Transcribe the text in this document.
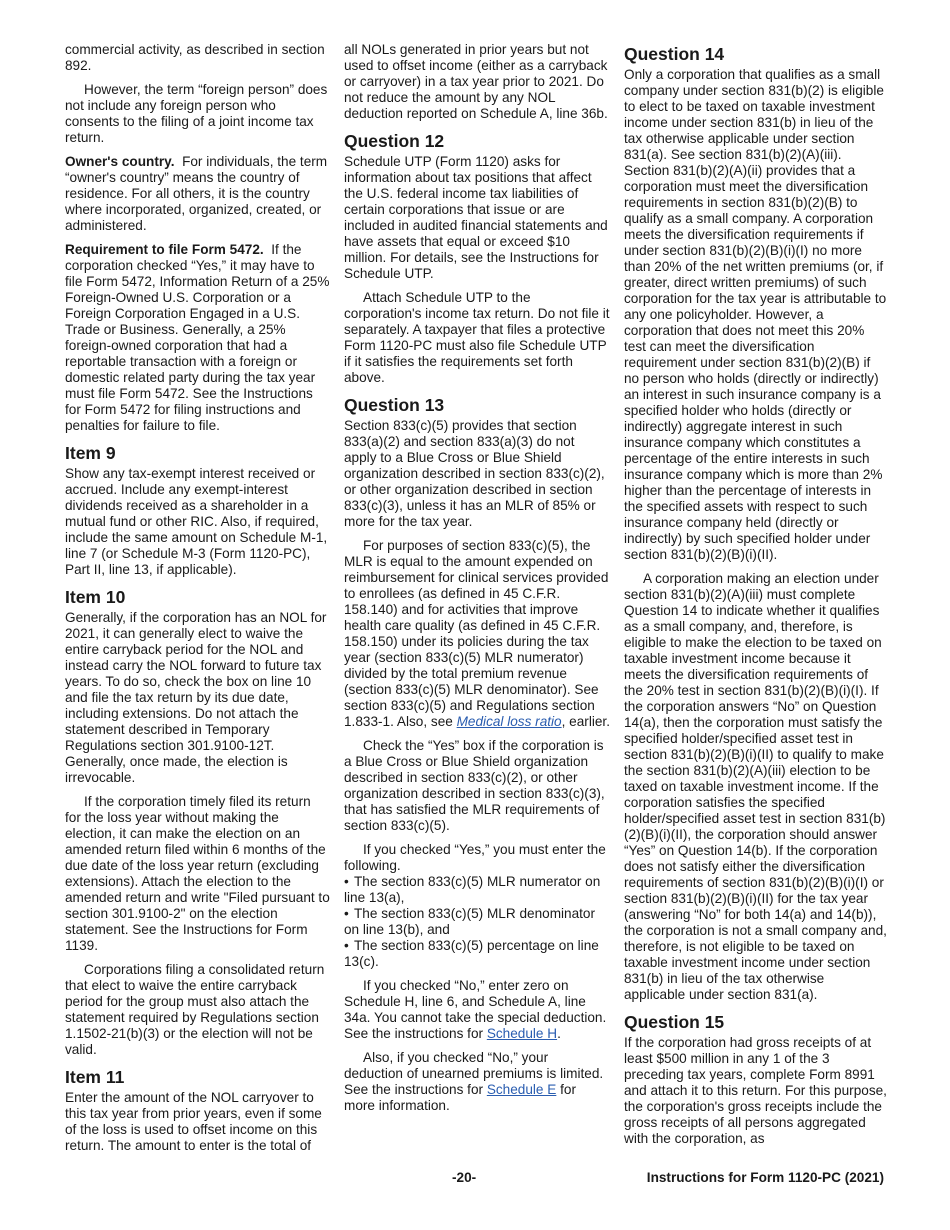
commercial activity, as described in section 892.

However, the term “foreign person” does not include any foreign person who consents to the filing of a joint income tax return.

Owner's country. For individuals, the term “owner's country” means the country of residence. For all others, it is the country where incorporated, organized, created, or administered.

Requirement to file Form 5472. If the corporation checked “Yes,” it may have to file Form 5472, Information Return of a 25% Foreign-Owned U.S. Corporation or a Foreign Corporation Engaged in a U.S. Trade or Business. Generally, a 25% foreign-owned corporation that had a reportable transaction with a foreign or domestic related party during the tax year must file Form 5472. See the Instructions for Form 5472 for filing instructions and penalties for failure to file.

Item 9

Show any tax-exempt interest received or accrued. Include any exempt-interest dividends received as a shareholder in a mutual fund or other RIC. Also, if required, include the same amount on Schedule M-1, line 7 (or Schedule M-3 (Form 1120-PC), Part II, line 13, if applicable).

Item 10

Generally, if the corporation has an NOL for 2021, it can generally elect to waive the entire carryback period for the NOL and instead carry the NOL forward to future tax years. To do so, check the box on line 10 and file the tax return by its due date, including extensions. Do not attach the statement described in Temporary Regulations section 301.9100-12T. Generally, once made, the election is irrevocable.

If the corporation timely filed its return for the loss year without making the election, it can make the election on an amended return filed within 6 months of the due date of the loss year return (excluding extensions). Attach the election to the amended return and write "Filed pursuant to section 301.9100-2" on the election statement. See the Instructions for Form 1139.

Corporations filing a consolidated return that elect to waive the entire carryback period for the group must also attach the statement required by Regulations section 1.1502-21(b)(3) or the election will not be valid.

Item 11

Enter the amount of the NOL carryover to this tax year from prior years, even if some of the loss is used to offset income on this return. The amount to enter is the total of

all NOLs generated in prior years but not used to offset income (either as a carryback or carryover) in a tax year prior to 2021. Do not reduce the amount by any NOL deduction reported on Schedule A, line 36b.

Question 12

Schedule UTP (Form 1120) asks for information about tax positions that affect the U.S. federal income tax liabilities of certain corporations that issue or are included in audited financial statements and have assets that equal or exceed $10 million. For details, see the Instructions for Schedule UTP.

Attach Schedule UTP to the corporation's income tax return. Do not file it separately. A taxpayer that files a protective Form 1120-PC must also file Schedule UTP if it satisfies the requirements set forth above.

Question 13

Section 833(c)(5) provides that section 833(a)(2) and section 833(a)(3) do not apply to a Blue Cross or Blue Shield organization described in section 833(c)(2), or other organization described in section 833(c)(3), unless it has an MLR of 85% or more for the tax year.

For purposes of section 833(c)(5), the MLR is equal to the amount expended on reimbursement for clinical services provided to enrollees (as defined in 45 C.F.R. 158.140) and for activities that improve health care quality (as defined in 45 C.F.R. 158.150) under its policies during the tax year (section 833(c)(5) MLR numerator) divided by the total premium revenue (section 833(c)(5) MLR denominator). See section 833(c)(5) and Regulations section 1.833-1. Also, see Medical loss ratio, earlier.

Check the “Yes” box if the corporation is a Blue Cross or Blue Shield organization described in section 833(c)(2), or other organization described in section 833(c)(3), that has satisfied the MLR requirements of section 833(c)(5).

If you checked “Yes,” you must enter the following.

• The section 833(c)(5) MLR numerator on line 13(a),
• The section 833(c)(5) MLR denominator on line 13(b), and
• The section 833(c)(5) percentage on line 13(c).

If you checked “No,” enter zero on Schedule H, line 6, and Schedule A, line 34a. You cannot take the special deduction. See the instructions for Schedule H.

Also, if you checked “No,” your deduction of unearned premiums is limited. See the instructions for Schedule E for more information.

Question 14

Only a corporation that qualifies as a small company under section 831(b)(2) is eligible to elect to be taxed on taxable investment income under section 831(b) in lieu of the tax otherwise applicable under section 831(a). See section 831(b)(2)(A)(iii). Section 831(b)(2)(A)(ii) provides that a corporation must meet the diversification requirements in section 831(b)(2)(B) to qualify as a small company. A corporation meets the diversification requirements if under section 831(b)(2)(B)(i)(I) no more than 20% of the net written premiums (or, if greater, direct written premiums) of such corporation for the tax year is attributable to any one policyholder. However, a corporation that does not meet this 20% test can meet the diversification requirement under section 831(b)(2)(B) if no person who holds (directly or indirectly) an interest in such insurance company is a specified holder who holds (directly or indirectly) aggregate interest in such insurance company which constitutes a percentage of the entire interests in such insurance company which is more than 2% higher than the percentage of interests in the specified assets with respect to such insurance company held (directly or indirectly) by such specified holder under section 831(b)(2)(B)(i)(II).

A corporation making an election under section 831(b)(2)(A)(iii) must complete Question 14 to indicate whether it qualifies as a small company, and, therefore, is eligible to make the election to be taxed on taxable investment income because it meets the diversification requirements of the 20% test in section 831(b)(2)(B)(i)(I). If the corporation answers “No” on Question 14(a), then the corporation must satisfy the specified holder/specified asset test in section 831(b)(2)(B)(i)(II) to qualify to make the section 831(b)(2)(A)(iii) election to be taxed on taxable investment income. If the corporation satisfies the specified holder/specified asset test in section 831(b)(2)(B)(i)(II), the corporation should answer “Yes” on Question 14(b). If the corporation does not satisfy either the diversification requirements of section 831(b)(2)(B)(i)(I) or section 831(b)(2)(B)(i)(II) for the tax year (answering “No” for both 14(a) and 14(b)), the corporation is not a small company and, therefore, is not eligible to be taxed on taxable investment income under section 831(b) in lieu of the tax otherwise applicable under section 831(a).

Question 15

If the corporation had gross receipts of at least $500 million in any 1 of the 3 preceding tax years, complete Form 8991 and attach it to this return. For this purpose, the corporation's gross receipts include the gross receipts of all persons aggregated with the corporation, as

-20-	Instructions for Form 1120-PC (2021)
